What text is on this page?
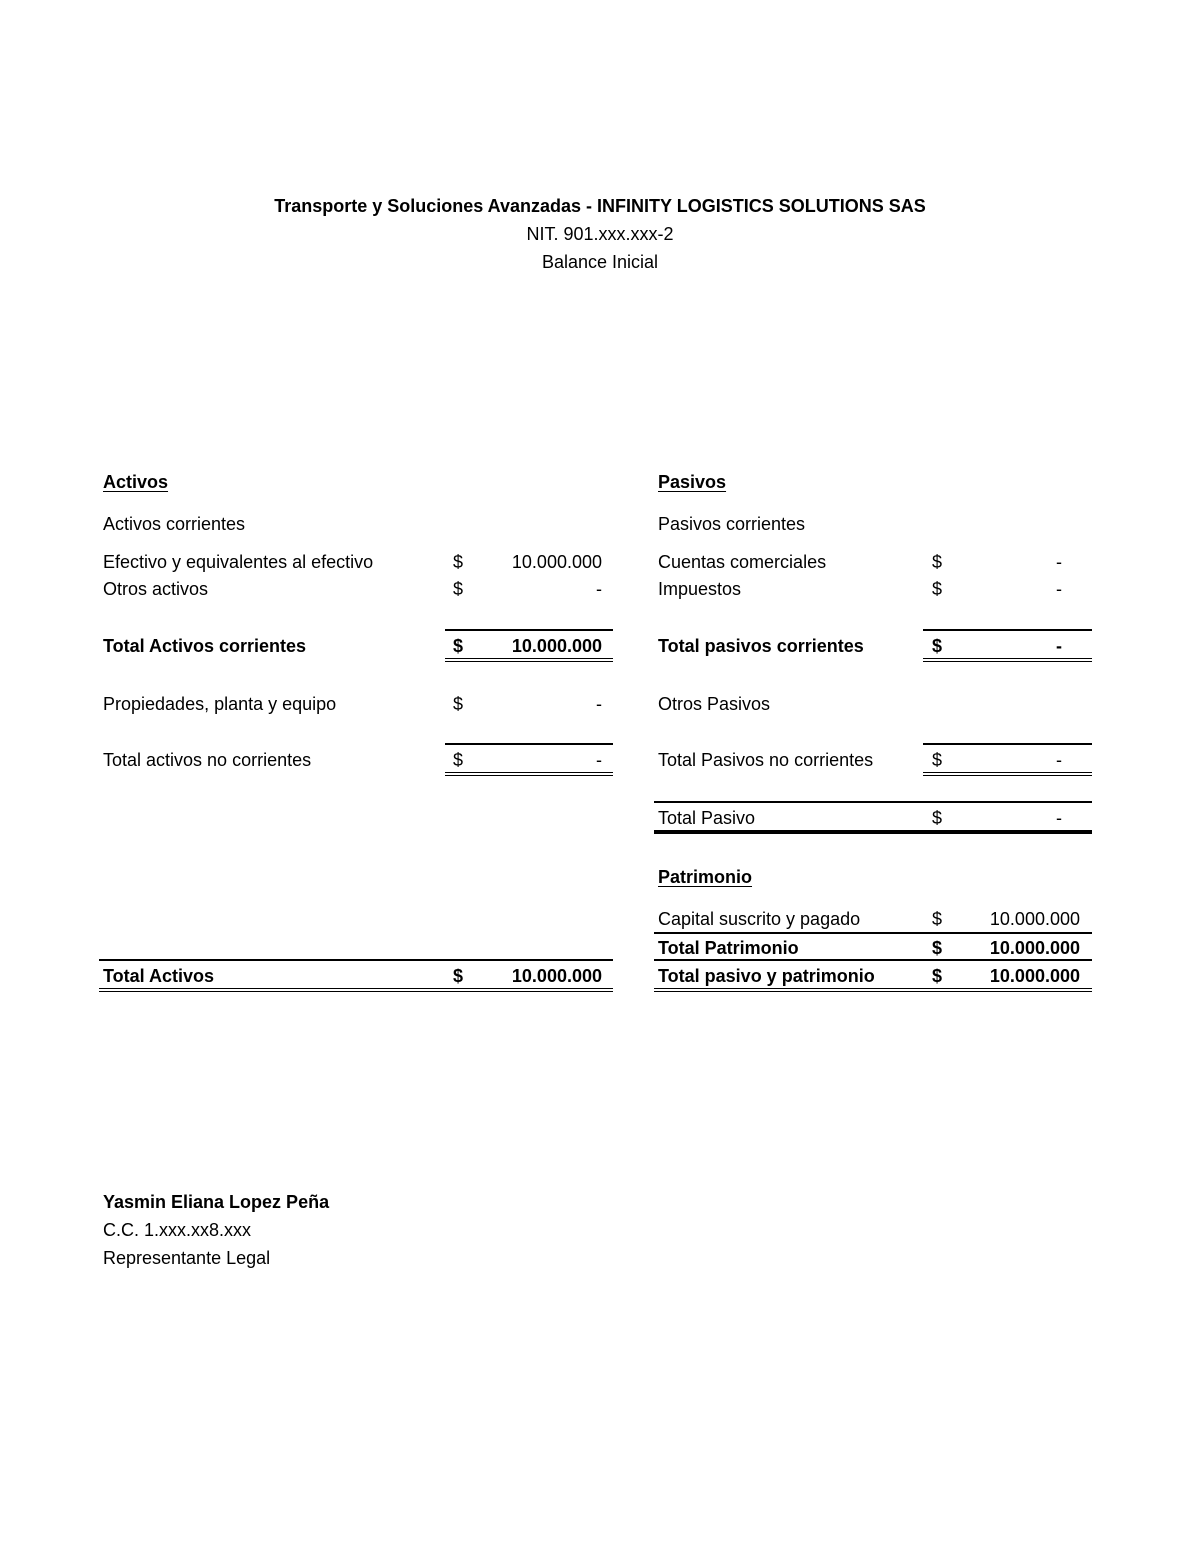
Transporte y Soluciones Avanzadas - INFINITY LOGISTICS SOLUTIONS SAS
NIT. 901.xxx.xxx-2
Balance Inicial
Activos
Activos corrientes
Efectivo y equivalentes al efectivo	$	10.000.000
Otros activos	$	-
Total Activos corrientes	$	10.000.000
Propiedades, planta y equipo	$	-
Total activos no corrientes	$	-
Total Activos	$	10.000.000
Pasivos
Pasivos corrientes
Cuentas comerciales	$	-
Impuestos	$	-
Total pasivos corrientes	$	-
Otros Pasivos
Total Pasivos no corrientes	$	-
Total Pasivo	$	-
Patrimonio
Capital suscrito y pagado	$	10.000.000
Total Patrimonio	$	10.000.000
Total pasivo y patrimonio	$	10.000.000
Yasmin Eliana Lopez Peña
C.C. 1.xxx.xx8.xxx
Representante Legal
